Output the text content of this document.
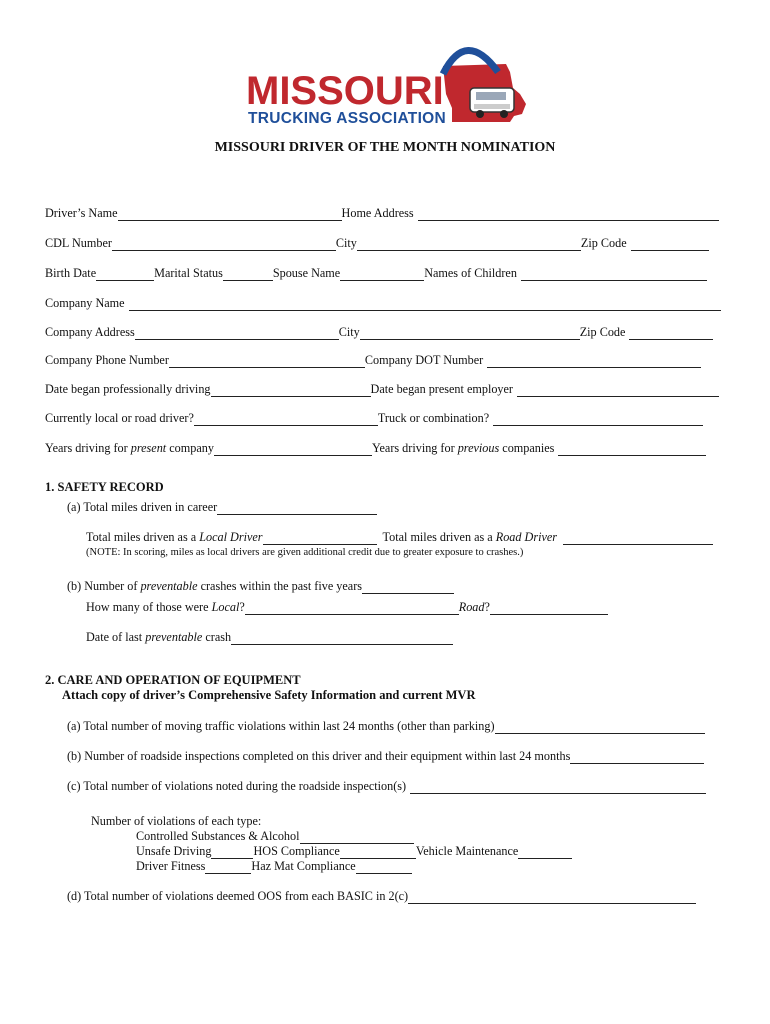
MISSOURI
TRUCKING ASSOCIATION
MISSOURI DRIVER OF THE MONTH NOMINATION
Driver’s Name	Home Address
CDL Number	City	Zip Code
Birth Date	Marital Status	Spouse Name	Names of Children
Company Name
Company Address	City	Zip Code
Company Phone Number	Company DOT Number
Date began professionally driving	Date began present employer
Currently local or road driver?	Truck or combination?
Years driving for present company	Years driving for previous companies
1. SAFETY RECORD
(a) Total miles driven in career
Total miles driven as a Local Driver	Total miles driven as a Road Driver
(NOTE: In scoring, miles as local drivers are given additional credit due to greater exposure to crashes.)
(b) Number of preventable crashes within the past five years
How many of those were Local?	Road?
Date of last preventable crash
2. CARE AND OPERATION OF EQUIPMENT
Attach copy of driver’s Comprehensive Safety Information and current MVR
(a) Total number of moving traffic violations within last 24 months (other than parking)
(b) Number of roadside inspections completed on this driver and their equipment within last 24 months
(c) Total number of violations noted during the roadside inspection(s)
Number of violations of each type:
Controlled Substances & Alcohol
Unsafe Driving	HOS Compliance	Vehicle Maintenance
Driver Fitness	Haz Mat Compliance
(d) Total number of violations deemed OOS from each BASIC in 2(c)
